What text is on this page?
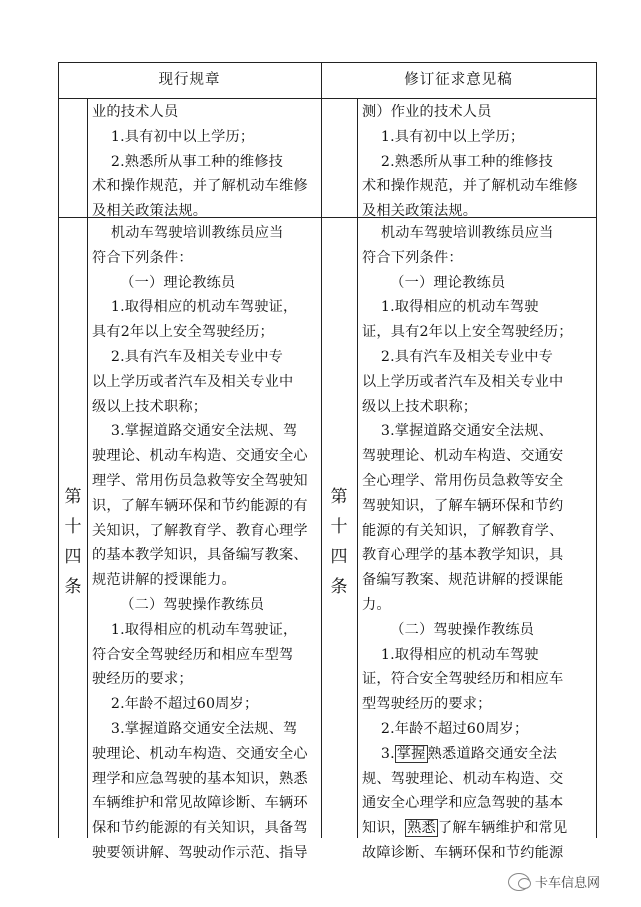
现行规章	修订征求意见稿
业的技术人员
1.具有初中以上学历；
2.熟悉所从事工种的维修技
术和操作规范，并了解机动车维修
及相关政策法规。
测）作业的技术人员
1.具有初中以上学历；
2.熟悉所从事工种的维修技
术和操作规范，并了解机动车维修
及相关政策法规。
第
十
四
条
第
十
四
条
机动车驾驶培训教练员应当
符合下列条件：
（一）理论教练员
1.取得相应的机动车驾驶证，
具有2年以上安全驾驶经历；
2.具有汽车及相关专业中专
以上学历或者汽车及相关专业中
级以上技术职称；
3.掌握道路交通安全法规、驾
驶理论、机动车构造、交通安全心
理学、常用伤员急救等安全驾驶知
识，了解车辆环保和节约能源的有
关知识，了解教育学、教育心理学
的基本教学知识，具备编写教案、
规范讲解的授课能力。
（二）驾驶操作教练员
1.取得相应的机动车驾驶证，
符合安全驾驶经历和相应车型驾
驶经历的要求；
2.年龄不超过60周岁；
3.掌握道路交通安全法规、驾
驶理论、机动车构造、交通安全心
理学和应急驾驶的基本知识，熟悉
车辆维护和常见故障诊断、车辆环
保和节约能源的有关知识，具备驾
驶要领讲解、驾驶动作示范、指导
机动车驾驶培训教练员应当
符合下列条件：
（一）理论教练员
1.取得相应的机动车驾驶
证，具有2年以上安全驾驶经历；
2.具有汽车及相关专业中专
以上学历或者汽车及相关专业中
级以上技术职称；
3.掌握道路交通安全法规、
驾驶理论、机动车构造、交通安
全心理学、常用伤员急救等安全
驾驶知识，了解车辆环保和节约
能源的有关知识，了解教育学、
教育心理学的基本教学知识，具
备编写教案、规范讲解的授课能
力。
（二）驾驶操作教练员
1.取得相应的机动车驾驶
证，符合安全驾驶经历和相应车
型驾驶经历的要求；
2.年龄不超过60周岁；
3. 掌握 熟悉道路交通安全法
规、驾驶理论、机动车构造、交
通安全心理学和应急驾驶的基本
知识， 熟悉 了解车辆维护和常见
故障诊断、车辆环保和节约能源
卡车信息网
